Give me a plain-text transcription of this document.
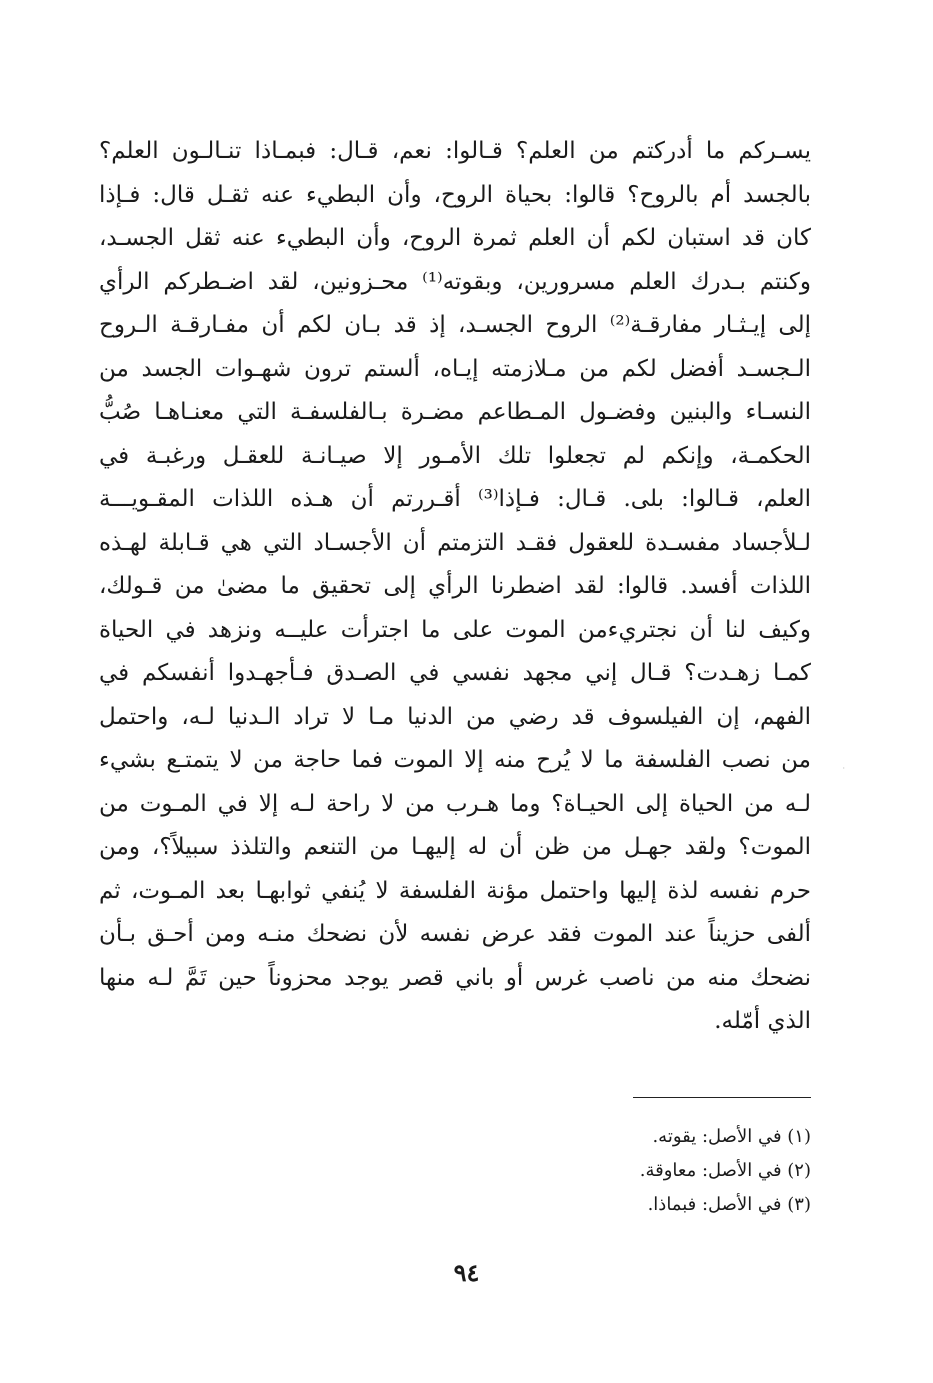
يسـركم ما أدركتم من العلم؟ قـالوا: نعم، قـال: فبمـاذا تنـالـون العلم؟
بالجسد أم بالروح؟ قالوا: بحياة الروح، وأن البطيء عنه ثقـل قال: فـإذا
كان قد استبان لكم أن العلم ثمرة الروح، وأن البطيء عنه ثقل الجسـد،
وكنتم بـدرك العلم مسرورين، وبقوته⁽¹⁾ محـزونين، لقد اضـطركم الرأي
إلى إيـثـار مفارقـة⁽²⁾ الروح الجسـد، إذ قد بـان لكم أن مفـارقـة الـروح
الـجسـد أفضل لكم من مـلازمته إيـاه، ألستم ترون شهـوات الجسد من
النسـاء والبنين وفضـول المـطاعم مضـرة بـالفلسفـة التي معنـاهـا صُبُّ
الحكمـة، وإنكم لم تجعلوا تلك الأمـور إلا صيـانـة للعقـل ورغبـة في
العلم، قـالوا: بلى. قـال: فـإذا⁽³⁾ أقـررتم أن هـذه اللذات المقـويـــة
لـلأجساد مفسـدة للعقول فقـد التزمتم أن الأجسـاد التي هي قـابلة لهـذه
اللذات أفسد. قالوا: لقد اضطرنا الرأي إلى تحقيق ما مضىٰ من قـولك،
وكيف لنا أن نجتريءمن الموت على ما اجترأت عليــه ونزهد في الحياة
كمـا زهـدت؟ قـال إني مجهد نفسي في الصـدق فـأجهـدوا أنفسكم في
الفهم، إن الفيلسوف قد رضي من الدنيا مـا لا تراد الـدنيا لـه، واحتمل
من نصب الفلسفة ما لا يُرح منه إلا الموت فما حاجة من لا يتمتـع بشيء
لـه من الحياة إلى الحيـاة؟ وما هـرب من لا راحة لـه إلا في المـوت من
الموت؟ ولقد جهـل من ظن أن له إليهـا من التنعم والتلذذ سبيلاً؟، ومن
حرم نفسه لذة إليها واحتمل مؤنة الفلسفة لا يُنفي ثوابهـا بعد المـوت، ثم
ألفى حزيناً عند الموت فقد عرض نفسه لأن نضحك منـه ومن أحـق بـأن
نضحك منه من ناصب غرس أو باني قصر يوجد محزوناً حين تَمَّ لـه منها
الذي أمّله.
(١) في الأصل: يقوته.
(٢) في الأصل: معاوقة.
(٣) في الأصل: فبماذا.
٩٤
·
